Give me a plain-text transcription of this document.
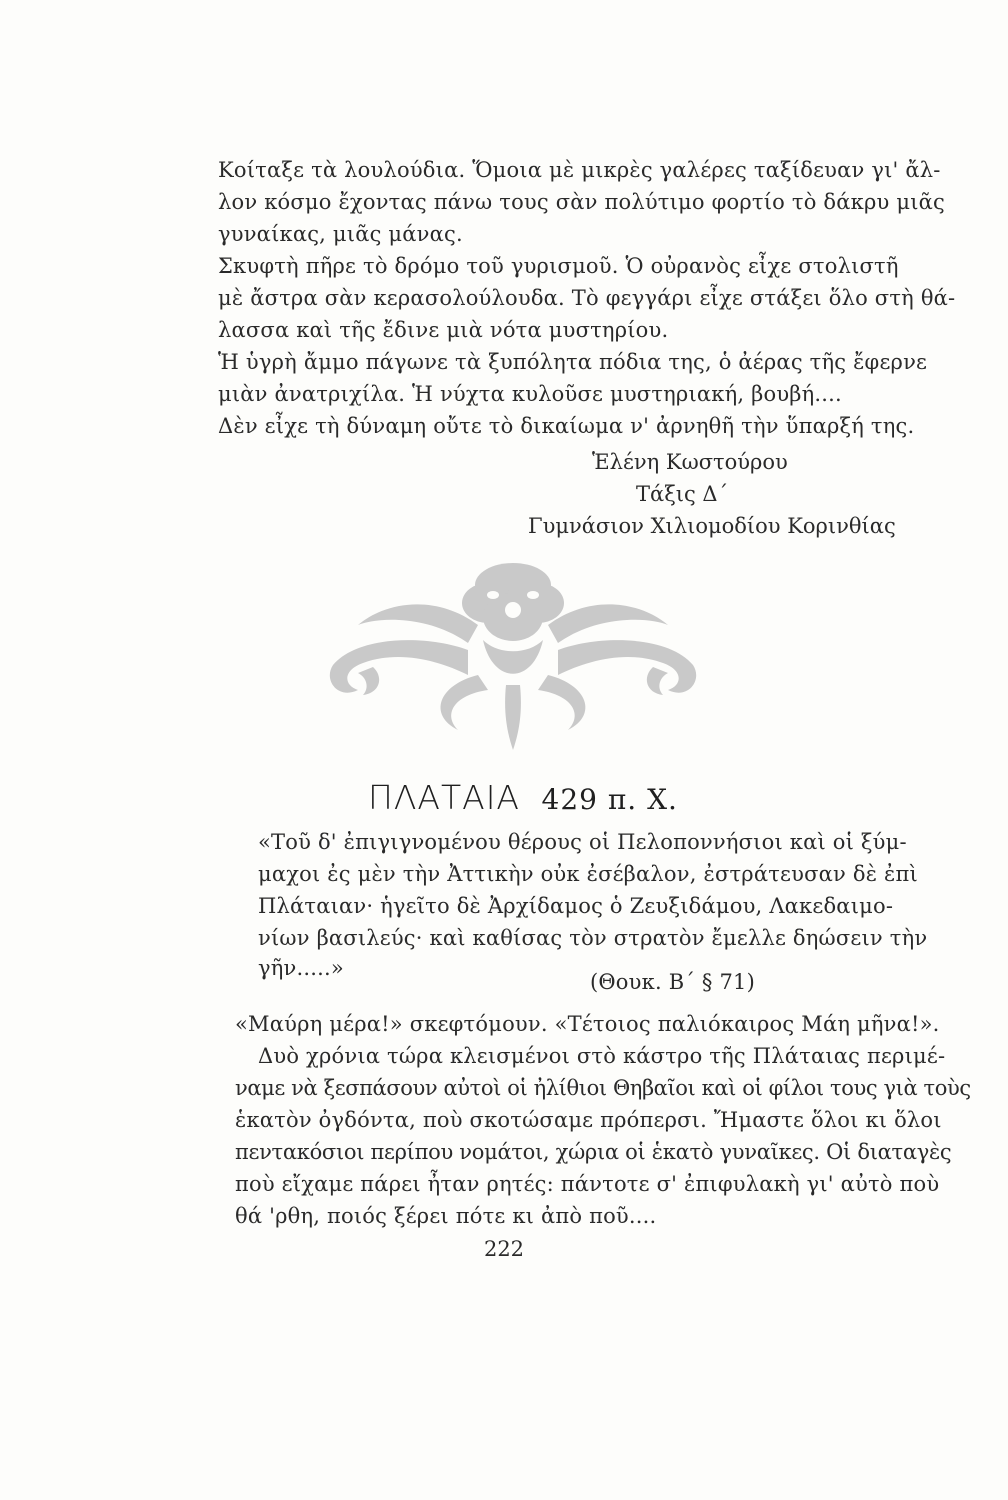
Κοίταξε τὰ λουλούδια. Ὅμοια μὲ μικρὲς γαλέρες ταξίδευαν γι' ἄλ-
λον κόσμο ἔχοντας πάνω τους σὰν πολύτιμο φορτίο τὸ δάκρυ μιᾶς
γυναίκας, μιᾶς μάνας.
Σκυφτὴ πῆρε τὸ δρόμο τοῦ γυρισμοῦ. Ὁ οὐρανὸς εἶχε στολιστῆ
μὲ ἄστρα σὰν κερασολούλουδα. Τὸ φεγγάρι εἶχε στάξει ὅλο στὴ θά-
λασσα καὶ τῆς ἔδινε μιὰ νότα μυστηρίου.
Ἡ ὑγρὴ ἄμμο πάγωνε τὰ ξυπόλητα πόδια της, ὁ ἀέρας τῆς ἔφερνε
μιὰν ἀνατριχίλα. Ἡ νύχτα κυλοῦσε μυστηριακή, βουβή....
Δὲν εἶχε τὴ δύναμη οὔτε τὸ δικαίωμα ν' ἀρνηθῆ τὴν ὕπαρξή της.
Ἑλένη Κωστούρου
Τάξις Δ΄
Γυμνάσιον Χιλιομοδίου Κορινθίας
ΠΛΑΤΑΙΑ 429 π. Χ.
«Τοῦ δ' ἐπιγιγνομένου θέρους οἱ Πελοποννήσιοι καὶ οἱ ξύμ-
μαχοι ἐς μὲν τὴν Ἀττικὴν οὐκ ἐσέβαλον, ἐστράτευσαν δὲ ἐπὶ
Πλάταιαν· ἡγεῖτο δὲ Ἀρχίδαμος ὁ Ζευξιδάμου, Λακεδαιμο-
νίων βασιλεύς· καὶ καθίσας τὸν στρατὸν ἔμελλε δηώσειν τὴν
γῆν.....»
(Θουκ. Β΄ § 71)
«Μαύρη μέρα!» σκεφτόμουν. «Τέτοιος παλιόκαιρος Μάη μῆνα!».
Δυὸ χρόνια τώρα κλεισμένοι στὸ κάστρο τῆς Πλάταιας περιμέ-
ναμε νὰ ξεσπάσουν αὐτοὶ οἱ ἠλίθιοι Θηβαῖοι καὶ οἱ φίλοι τους γιὰ τοὺς
ἑκατὸν ὀγδόντα, ποὺ σκοτώσαμε πρόπερσι. Ἤμαστε ὅλοι κι ὅλοι
πεντακόσιοι περίπου νομάτοι, χώρια οἱ ἑκατὸ γυναῖκες. Οἱ διαταγὲς
ποὺ εἴχαμε πάρει ἦταν ρητές: πάντοτε σ' ἐπιφυλακὴ γι' αὐτὸ ποὺ
θά 'ρθη, ποιός ξέρει πότε κι ἀπὸ ποῦ....
222
